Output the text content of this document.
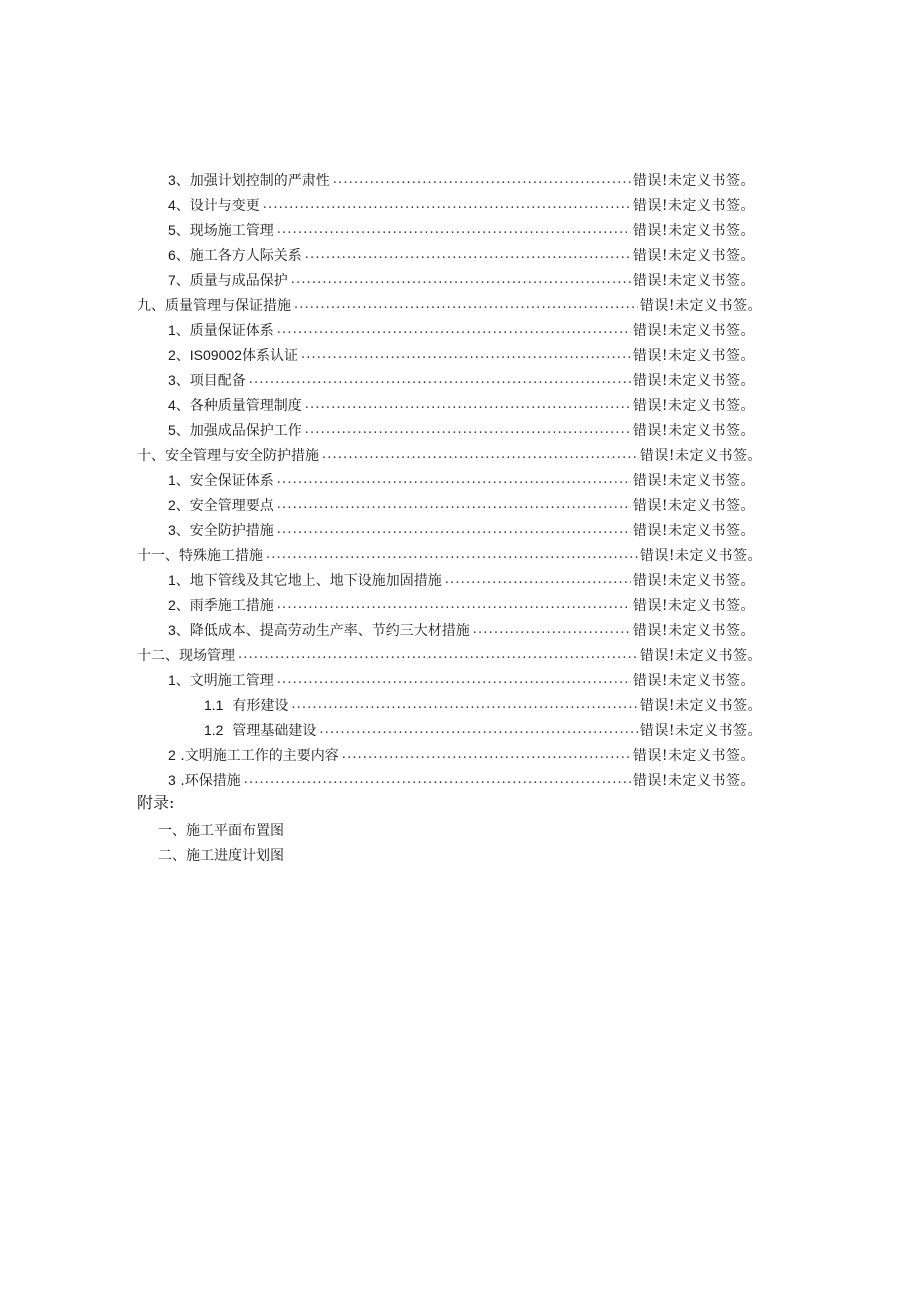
3、加强计划控制的严肃性 . . .	错误!未定义书签。
4、设计与变更 . . .	错误!未定义书签。
5、现场施工管理 . . .	错误!未定义书签。
6、施工各方人际关系 . . .	错误!未定义书签。
7、质量与成品保护 . . .	错误!未定义书签。
九、质量管理与保证措施 . . .	错误!未定义书签。
1、质量保证体系 . . .	错误!未定义书签。
2、IS09002体系认证 . . .	错误!未定义书签。
3、项目配备 . . .	错误!未定义书签。
4、各种质量管理制度 . . .	错误!未定义书签。
5、加强成品保护工作 . . .	错误!未定义书签。
十、安全管理与安全防护措施 . . .	错误!未定义书签。
1、安全保证体系 . . .	错误!未定义书签。
2、安全管理要点 . . .	错误!未定义书签。
3、安全防护措施 . . .	错误!未定义书签。
十一、特殊施工措施 . . .	错误!未定义书签。
1、地下管线及其它地上、地下设施加固措施 . . .	错误!未定义书签。
2、雨季施工措施 . . .	错误!未定义书签。
3、降低成本、提高劳动生产率、节约三大材措施 . . .	错误!未定义书签。
十二、现场管理 . . .	错误!未定义书签。
1、文明施工管理 . . .	错误!未定义书签。
1.1 有形建设 . . .	错误!未定义书签。
1.2 管理基础建设 . . .	错误!未定义书签。
2 .文明施工工作的主要内容 . . .	错误!未定义书签。
3 .环保措施 . . .	错误!未定义书签。
附录:
一、施工平面布置图
二、施工进度计划图
